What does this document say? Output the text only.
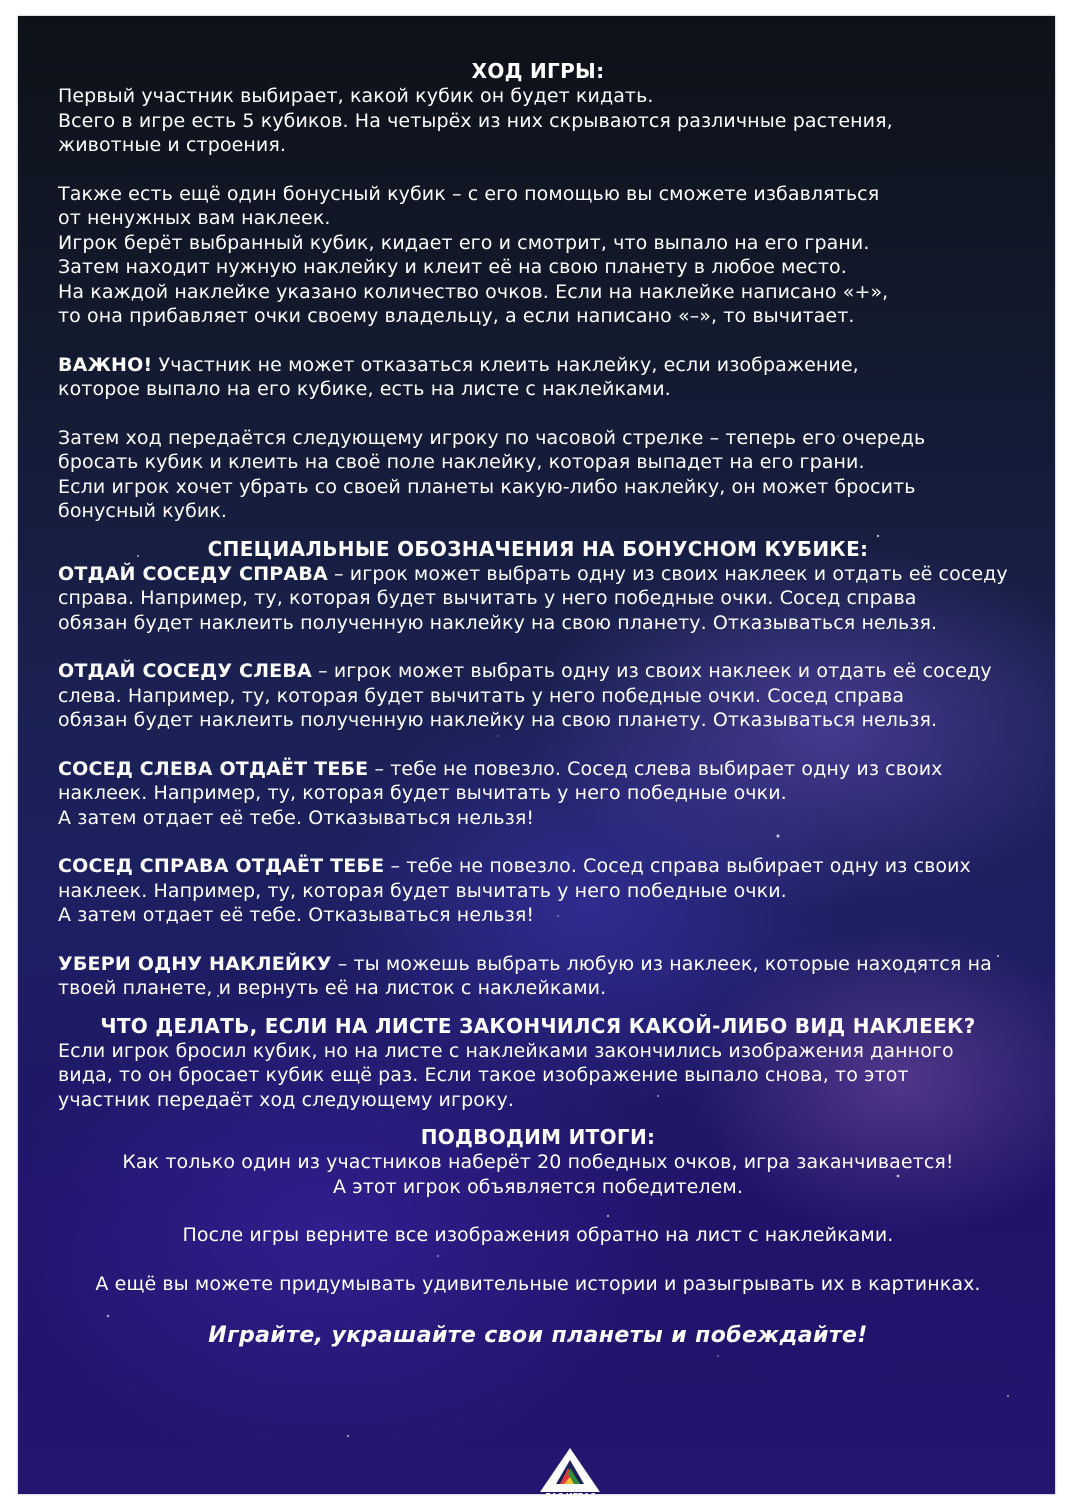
ХОД ИГРЫ:
Первый участник выбирает, какой кубик он будет кидать.
Всего в игре есть 5 кубиков. На четырёх из них скрываются различные растения,
животные и строения.
Также есть ещё один бонусный кубик – с его помощью вы сможете избавляться
от ненужных вам наклеек.
Игрок берёт выбранный кубик, кидает его и смотрит, что выпало на его грани.
Затем находит нужную наклейку и клеит её на свою планету в любое место.
На каждой наклейке указано количество очков. Если на наклейке написано «+»,
то она прибавляет очки своему владельцу, а если написано «–», то вычитает.
ВАЖНО! Участник не может отказаться клеить наклейку, если изображение,
которое выпало на его кубике, есть на листе с наклейками.
Затем ход передаётся следующему игроку по часовой стрелке – теперь его очередь
бросать кубик и клеить на своё поле наклейку, которая выпадет на его грани.
Если игрок хочет убрать со своей планеты какую-либо наклейку, он может бросить
бонусный кубик.
СПЕЦИАЛЬНЫЕ ОБОЗНАЧЕНИЯ НА БОНУСНОМ КУБИКЕ:
ОТДАЙ СОСЕДУ СПРАВА – игрок может выбрать одну из своих наклеек и отдать её соседу
справа. Например, ту, которая будет вычитать у него победные очки. Сосед справа
обязан будет наклеить полученную наклейку на свою планету. Отказываться нельзя.
ОТДАЙ СОСЕДУ СЛЕВА – игрок может выбрать одну из своих наклеек и отдать её соседу
слева. Например, ту, которая будет вычитать у него победные очки. Сосед справа
обязан будет наклеить полученную наклейку на свою планету. Отказываться нельзя.
СОСЕД СЛЕВА ОТДАЁТ ТЕБЕ – тебе не повезло. Сосед слева выбирает одну из своих
наклеек. Например, ту, которая будет вычитать у него победные очки.
А затем отдает её тебе. Отказываться нельзя!
СОСЕД СПРАВА ОТДАЁТ ТЕБЕ – тебе не повезло. Сосед справа выбирает одну из своих
наклеек. Например, ту, которая будет вычитать у него победные очки.
А затем отдает её тебе. Отказываться нельзя!
УБЕРИ ОДНУ НАКЛЕЙКУ – ты можешь выбрать любую из наклеек, которые находятся на
твоей планете, и вернуть её на листок с наклейками.
ЧТО ДЕЛАТЬ, ЕСЛИ НА ЛИСТЕ ЗАКОНЧИЛСЯ КАКОЙ-ЛИБО ВИД НАКЛЕЕК?
Если игрок бросил кубик, но на листе с наклейками закончились изображения данного
вида, то он бросает кубик ещё раз. Если такое изображение выпало снова, то этот
участник передаёт ход следующему игроку.
ПОДВОДИМ ИТОГИ:
Как только один из участников наберёт 20 победных очков, игра заканчивается!
А этот игрок объявляется победителем.
После игры верните все изображения обратно на лист с наклейками.
А ещё вы можете придумывать удивительные истории и разыгрывать их в картинках.
Играйте, украшайте свои планеты и побеждайте!
ЛАС ИГРАС
